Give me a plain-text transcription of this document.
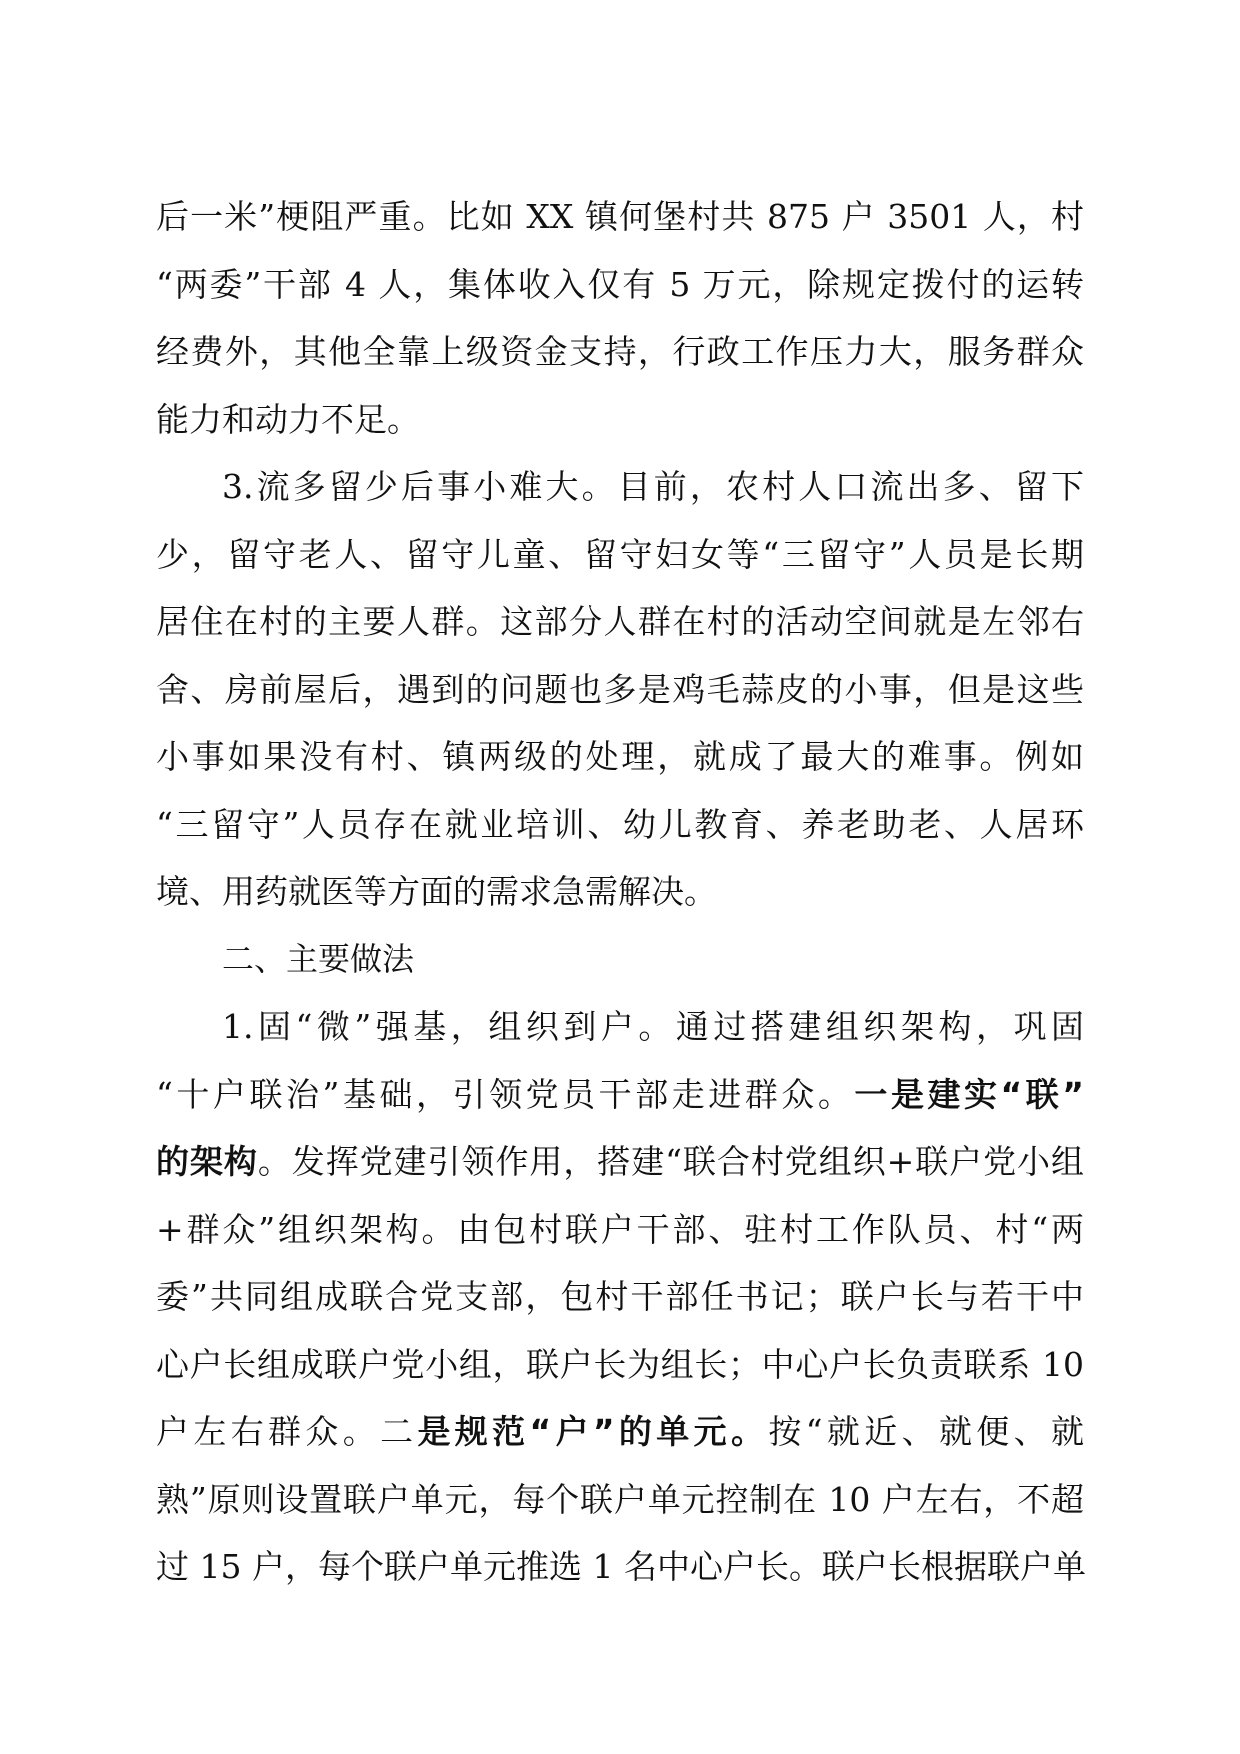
后一米”梗阻严重。比如 XX 镇何堡村共 875 户 3501 人，村
“两委”干部 4 人，集体收入仅有 5 万元，除规定拨付的运转
经费外，其他全靠上级资金支持，行政工作压力大，服务群众
能力和动力不足。
3.流多留少后事小难大。目前，农村人口流出多、留下
少，留守老人、留守儿童、留守妇女等“三留守”人员是长期
居住在村的主要人群。这部分人群在村的活动空间就是左邻右
舍、房前屋后，遇到的问题也多是鸡毛蒜皮的小事，但是这些
小事如果没有村、镇两级的处理，就成了最大的难事。例如
“三留守”人员存在就业培训、幼儿教育、养老助老、人居环
境、用药就医等方面的需求急需解决。
二、主要做法
1.固“微”强基，组织到户。通过搭建组织架构，巩固
“十户联治”基础，引领党员干部走进群众。一是建实“联”
的架构。发挥党建引领作用，搭建“联合村党组织+联户党小组
+群众”组织架构。由包村联户干部、驻村工作队员、村“两
委”共同组成联合党支部，包村干部任书记；联户长与若干中
心户长组成联户党小组，联户长为组长；中心户长负责联系 10
户左右群众。二是规范“户”的单元。按“就近、就便、就
熟”原则设置联户单元，每个联户单元控制在 10 户左右，不超
过 15 户，每个联户单元推选 1 名中心户长。联户长根据联户单
